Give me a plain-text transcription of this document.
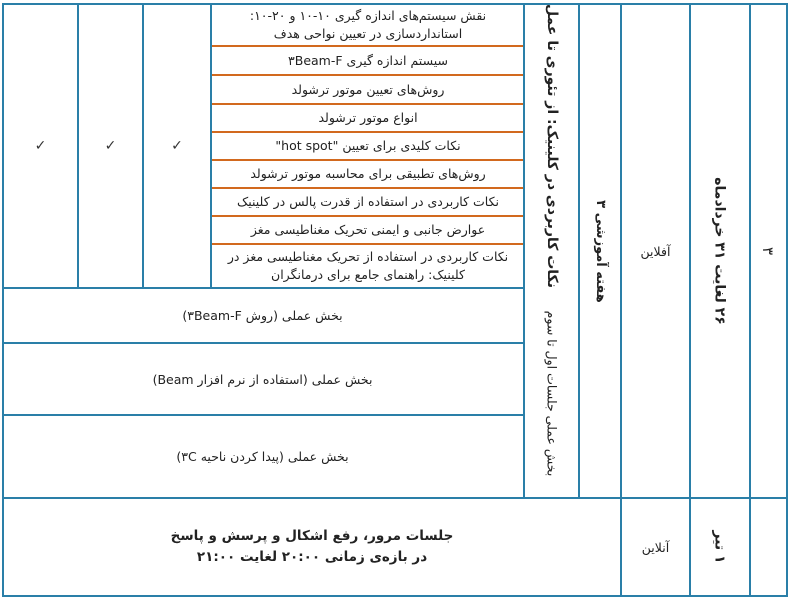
۳
۲۶ لغایت ۳۱ خردادماه
آفلاین
هفته آموزشی ۳
نکات کاربردی در کلینیک: از تئوری تا عمل
بخش عملی جلسات اول تا سوم
نقش سیستم‌های اندازه گیری ۱۰-۱۰ و ۲۰-۱۰: استانداردسازی در تعیین نواحی هدف
سیستم اندازه گیری ۳Beam-F
روش‌های تعیین موتور ترشولد
انواع موتور ترشولد
نکات کلیدی برای تعیین "hot spot"
روش‌های تطبیقی برای محاسبه موتور ترشولد
نکات کاربردی در استفاده از قدرت پالس در کلینیک
عوارض جانبی و ایمنی تحریک مغناطیسی مغز
نکات کاربردی در استفاده از تحریک مغناطیسی مغز در کلینیک: راهنمای جامع برای درمانگران
✓
✓
✓
بخش عملی (روش ۳Beam-F)
بخش عملی (استفاده از نرم افزار Beam)
بخش عملی (پیدا کردن ناحیه ۳C)
۱ تیر
آنلاین
جلسات مرور، رفع اشکال و پرسش و پاسخ
در بازه‌ی زمانی ۲۰:۰۰ لغایت ۲۱:۰۰
